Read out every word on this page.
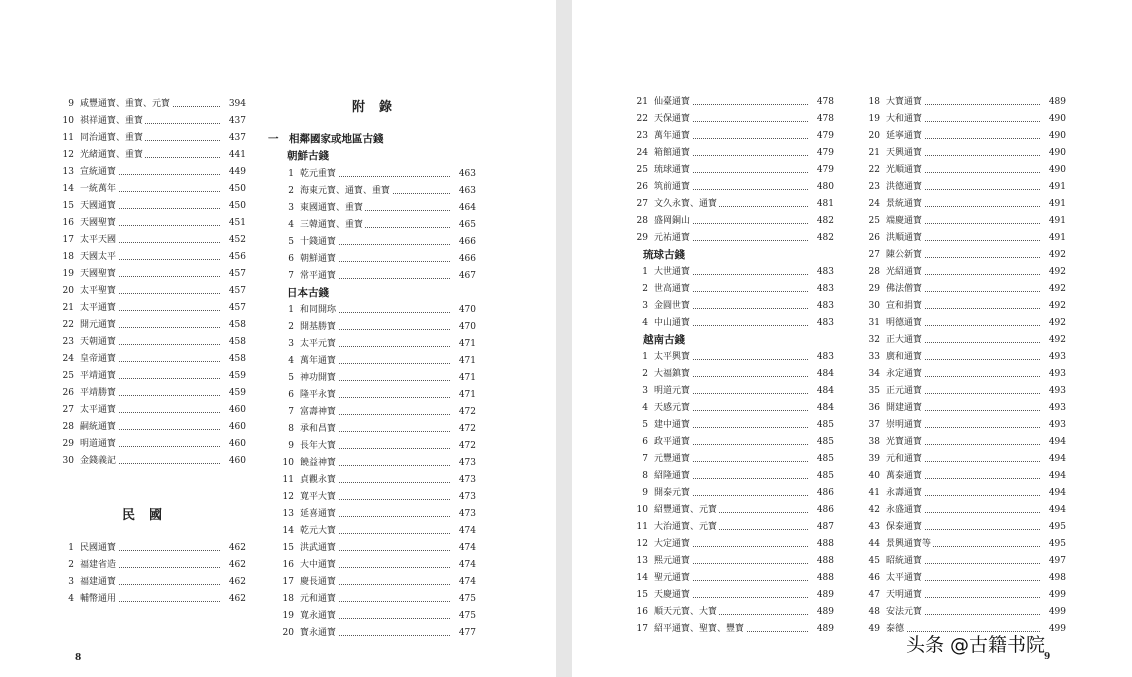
9 咸豐通寳、重寳、元寳	394
10 祺祥通寳、重寳	437
11 同治通寳、重寳	437
12 光緒通寳、重寳	441
13 宣統通寳	449
14 一統萬年	450
15 天國通寳	450
16 天國聖寳	451
17 太平天國	452
18 天國太平	456
19 天國聖寳	457
20 太平聖寳	457
21 太平通寳	457
22 開元通寳	458
23 天朝通寳	458
24 皇帝通寳	458
25 平靖通寳	459
26 平靖勝寳	459
27 太平通寳	460
28 嗣統通寳	460
29 明道通寳	460
30 金錢義記	460
民國
1 民國通寳	462
2 福建省造	462
3 福建通寳	462
4 輔幣通用	462
附錄
一　相鄰國家或地區古錢
朝鮮古錢
1 乾元重寳	463
2 海東元寳、通寳、重寳	463
3 東國通寳、重寳	464
4 三韓通寳、重寳	465
5 十錢通寳	466
6 朝鮮通寳	466
7 常平通寳	467
日本古錢
1 和同開珎	470
2 開基勝寳	470
3 太平元寳	471
4 萬年通寳	471
5 神功開寳	471
6 隆平永寳	471
7 富壽神寳	472
8 承和昌寳	472
9 長年大寳	472
10 饒益神寳	473
11 貞觀永寳	473
12 寬平大寳	473
13 延喜通寳	473
14 乾元大寳	474
15 洪武通寳	474
16 大中通寳	474
17 慶長通寳	474
18 元和通寳	475
19 寬永通寳	475
20 寳永通寳	477
8
21 仙臺通寳	478
22 天保通寳	478
23 萬年通寳	479
24 箱館通寳	479
25 琉球通寳	479
26 筑前通寳	480
27 文久永寳、通寳	481
28 盛岡銅山	482
29 元祐通寳	482
琉球古錢
1 大世通寳	483
2 世高通寳	483
3 金圓世寳	483
4 中山通寳	483
越南古錢
1 太平興寳	483
2 大福鎮寳	484
3 明道元寳	484
4 天感元寳	484
5 建中通寳	485
6 政平通寳	485
7 元豐通寳	485
8 紹隆通寳	485
9 開泰元寳	486
10 紹豐通寳、元寳	486
11 大治通寳、元寳	487
12 大定通寳	488
13 熙元通寳	488
14 聖元通寳	488
15 天慶通寳	489
16 順天元寳、大寳	489
17 紹平通寳、聖寳、豐寳	489
18 大寳通寳	489
19 大和通寳	490
20 延寧通寳	490
21 天興通寳	490
22 光順通寳	490
23 洪德通寳	491
24 景統通寳	491
25 端慶通寳	491
26 洪順通寳	491
27 陳公新寳	492
28 光紹通寳	492
29 佛法僧寳	492
30 宣和捐寳	492
31 明德通寳	492
32 正大通寳	492
33 廣和通寳	493
34 永定通寳	493
35 正元通寳	493
36 開建通寳	493
37 崇明通寳	493
38 光寳通寳	494
39 元和通寳	494
40 萬泰通寳	494
41 永壽通寳	494
42 永盛通寳	494
43 保泰通寳	495
44 景興通寳等	495
45 昭統通寳	497
46 太平通寳	498
47 天明通寳	499
48 安法元寳	499
49 泰德	499
9
头条 @古籍书院
